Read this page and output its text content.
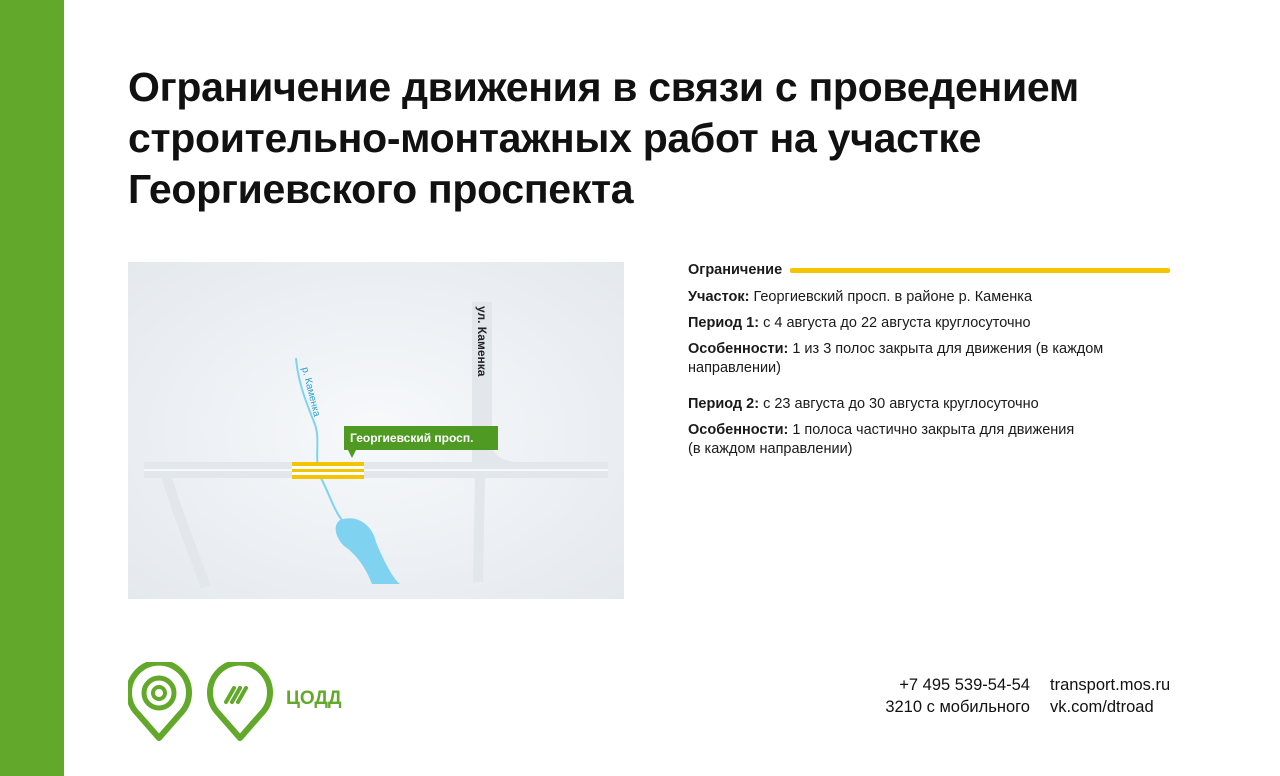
Ограничение движения в связи с проведением
строительно-монтажных работ на участке
Георгиевского проспекта
ул. Каменка
р. Каменка
Георгиевский просп.
Ограничение

Участок: Георгиевский просп. в районе р. Каменка

Период 1: с 4 августа до 22 августа круглосуточно

Особенности: 1 из 3 полос закрыта для движения (в каждом
направлении)

Период 2: с 23 августа до 30 августа круглосуточно

Особенности: 1 полоса частично закрыта для движения
(в каждом направлении)

ЦОДД
+7 495 539-54-54
3210 с мобильного
transport.mos.ru
vk.com/dtroad
